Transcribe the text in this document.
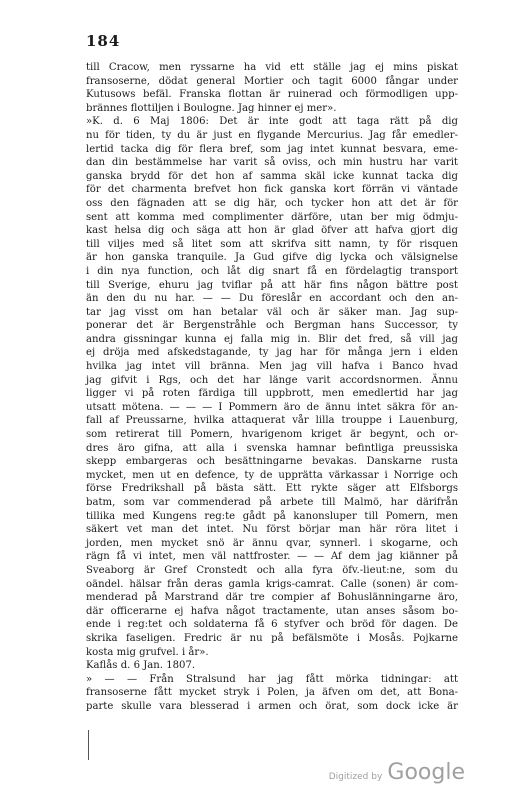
184
till Cracow, men ryssarne ha vid ett ställe jag ej mins piskat
fransoserne, dödat general Mortier och tagit 6000 fångar under
Kutusows befäl. Franska flottan är ruinerad och förmodligen upp-
brännes flottiljen i Boulogne. Jag hinner ej mer».
»K. d. 6 Maj 1806: Det är inte godt att taga rätt på dig
nu för tiden, ty du är just en flygande Mercurius. Jag får emedler-
lertid tacka dig för flera bref, som jag intet kunnat besvara, eme-
dan din bestämmelse har varit så oviss, och min hustru har varit
ganska brydd för det hon af samma skäl icke kunnat tacka dig
för det charmenta brefvet hon fick ganska kort förrän vi väntade
oss den fägnaden att se dig här, och tycker hon att det är för
sent att komma med complimenter därföre, utan ber mig ödmju-
kast helsa dig och säga att hon är glad öfver att hafva gjort dig
till viljes med så litet som att skrifva sitt namn, ty för risquen
är hon ganska tranquile. Ja Gud gifve dig lycka och välsignelse
i din nya function, och låt dig snart få en fördelagtig transport
till Sverige, ehuru jag tviflar på att här fins någon bättre post
än den du nu har. — — Du föreslår en accordant och den an-
tar jag visst om han betalar väl och är säker man. Jag sup-
ponerar det är Bergenstråhle och Bergman hans Successor, ty
andra gissningar kunna ej falla mig in. Blir det fred, så vill jag
ej dröja med afskedstagande, ty jag har för många jern i elden
hvilka jag intet vill bränna. Men jag vill hafva i Banco hvad
jag gifvit i Rgs, och det har länge varit accordsnormen. Ännu
ligger vi på roten färdiga till uppbrott, men emedlertid har jag
utsatt mötena. — — — I Pommern äro de ännu intet säkra för an-
fall af Preussarne, hvilka attaquerat vår lilla trouppe i Lauenburg,
som retirerat till Pomern, hvarigenom kriget är begynt, och or-
dres äro gifna, att alla i svenska hamnar befintliga preussiska
skepp embargeras och besättningarne bevakas. Danskarne rusta
mycket, men ut en defence, ty de upprätta värkassar i Norrige och
förse Fredrikshall på bästa sätt. Ett rykte säger att Elfsborgs
batm, som var commenderad på arbete till Malmö, har därifrån
tillika med Kungens reg:te gådt på kanonsluper till Pomern, men
säkert vet man det intet. Nu först börjar man här röra litet i
jorden, men mycket snö är ännu qvar, synnerl. i skogarne, och
rägn få vi intet, men väl nattfroster. — — Af dem jag kiänner på
Sveaborg är Gref Cronstedt och alla fyra öfv.-lieut:ne, som du
oändel. hälsar från deras gamla krigs-camrat. Calle (sonen) är com-
menderad på Marstrand där tre compier af Bohuslänningarne äro,
där officerarne ej hafva något tractamente, utan anses såsom bo-
ende i reg:tet och soldaterna få 6 styfver och bröd för dagen. De
skrika faseligen. Fredric är nu på befälsmöte i Mosås. Pojkarne
kosta mig grufvel. i år».
Kaflås d. 6 Jan. 1807.
» — — Från Stralsund har jag fått mörka tidningar: att
fransoserne fått mycket stryk i Polen, ja äfven om det, att Bona-
parte skulle vara blesserad i armen och örat, som dock icke är
Digitized by Google
